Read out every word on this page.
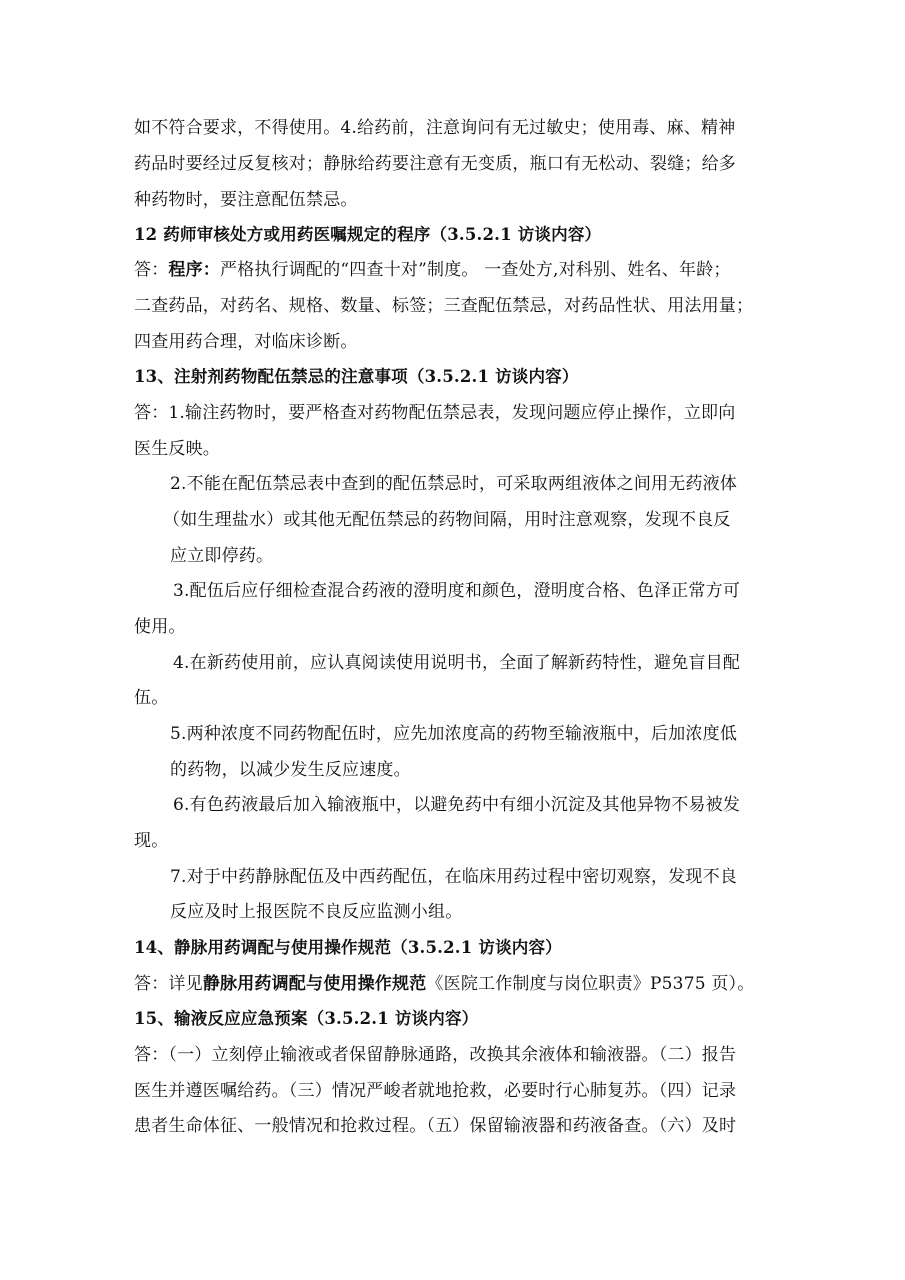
如不符合要求，不得使用。4.给药前，注意询问有无过敏史；使用毒、麻、精神
药品时要经过反复核对；静脉给药要注意有无变质，瓶口有无松动、裂缝；给多
种药物时，要注意配伍禁忌。
12 药师审核处方或用药医嘱规定的程序（3.5.2.1 访谈内容）
答：程序：严格执行调配的“四查十对”制度。 一查处方,对科别、姓名、年龄；
二查药品，对药名、规格、数量、标签；三查配伍禁忌，对药品性状、用法用量；
四查用药合理，对临床诊断。
13、注射剂药物配伍禁忌的注意事项（3.5.2.1 访谈内容）
答：1.输注药物时，要严格查对药物配伍禁忌表，发现问题应停止操作，立即向
医生反映。
2.不能在配伍禁忌表中查到的配伍禁忌时，可采取两组液体之间用无药液体
（如生理盐水）或其他无配伍禁忌的药物间隔，用时注意观察，发现不良反
应立即停药。
3.配伍后应仔细检查混合药液的澄明度和颜色，澄明度合格、色泽正常方可
使用。
4.在新药使用前，应认真阅读使用说明书，全面了解新药特性，避免盲目配
伍。
5.两种浓度不同药物配伍时，应先加浓度高的药物至输液瓶中，后加浓度低
的药物，以减少发生反应速度。
6.有色药液最后加入输液瓶中，以避免药中有细小沉淀及其他异物不易被发
现。
7.对于中药静脉配伍及中西药配伍，在临床用药过程中密切观察，发现不良
反应及时上报医院不良反应监测小组。
14、静脉用药调配与使用操作规范（3.5.2.1 访谈内容）
答：详见静脉用药调配与使用操作规范《医院工作制度与岗位职责》P5375 页）。
15、输液反应应急预案（3.5.2.1 访谈内容）
答：（一）立刻停止输液或者保留静脉通路，改换其余液体和输液器。（二）报告
医生并遵医嘱给药。（三）情况严峻者就地抢救，必要时行心肺复苏。（四）记录
患者生命体征、一般情况和抢救过程。（五）保留输液器和药液备查。（六）及时
